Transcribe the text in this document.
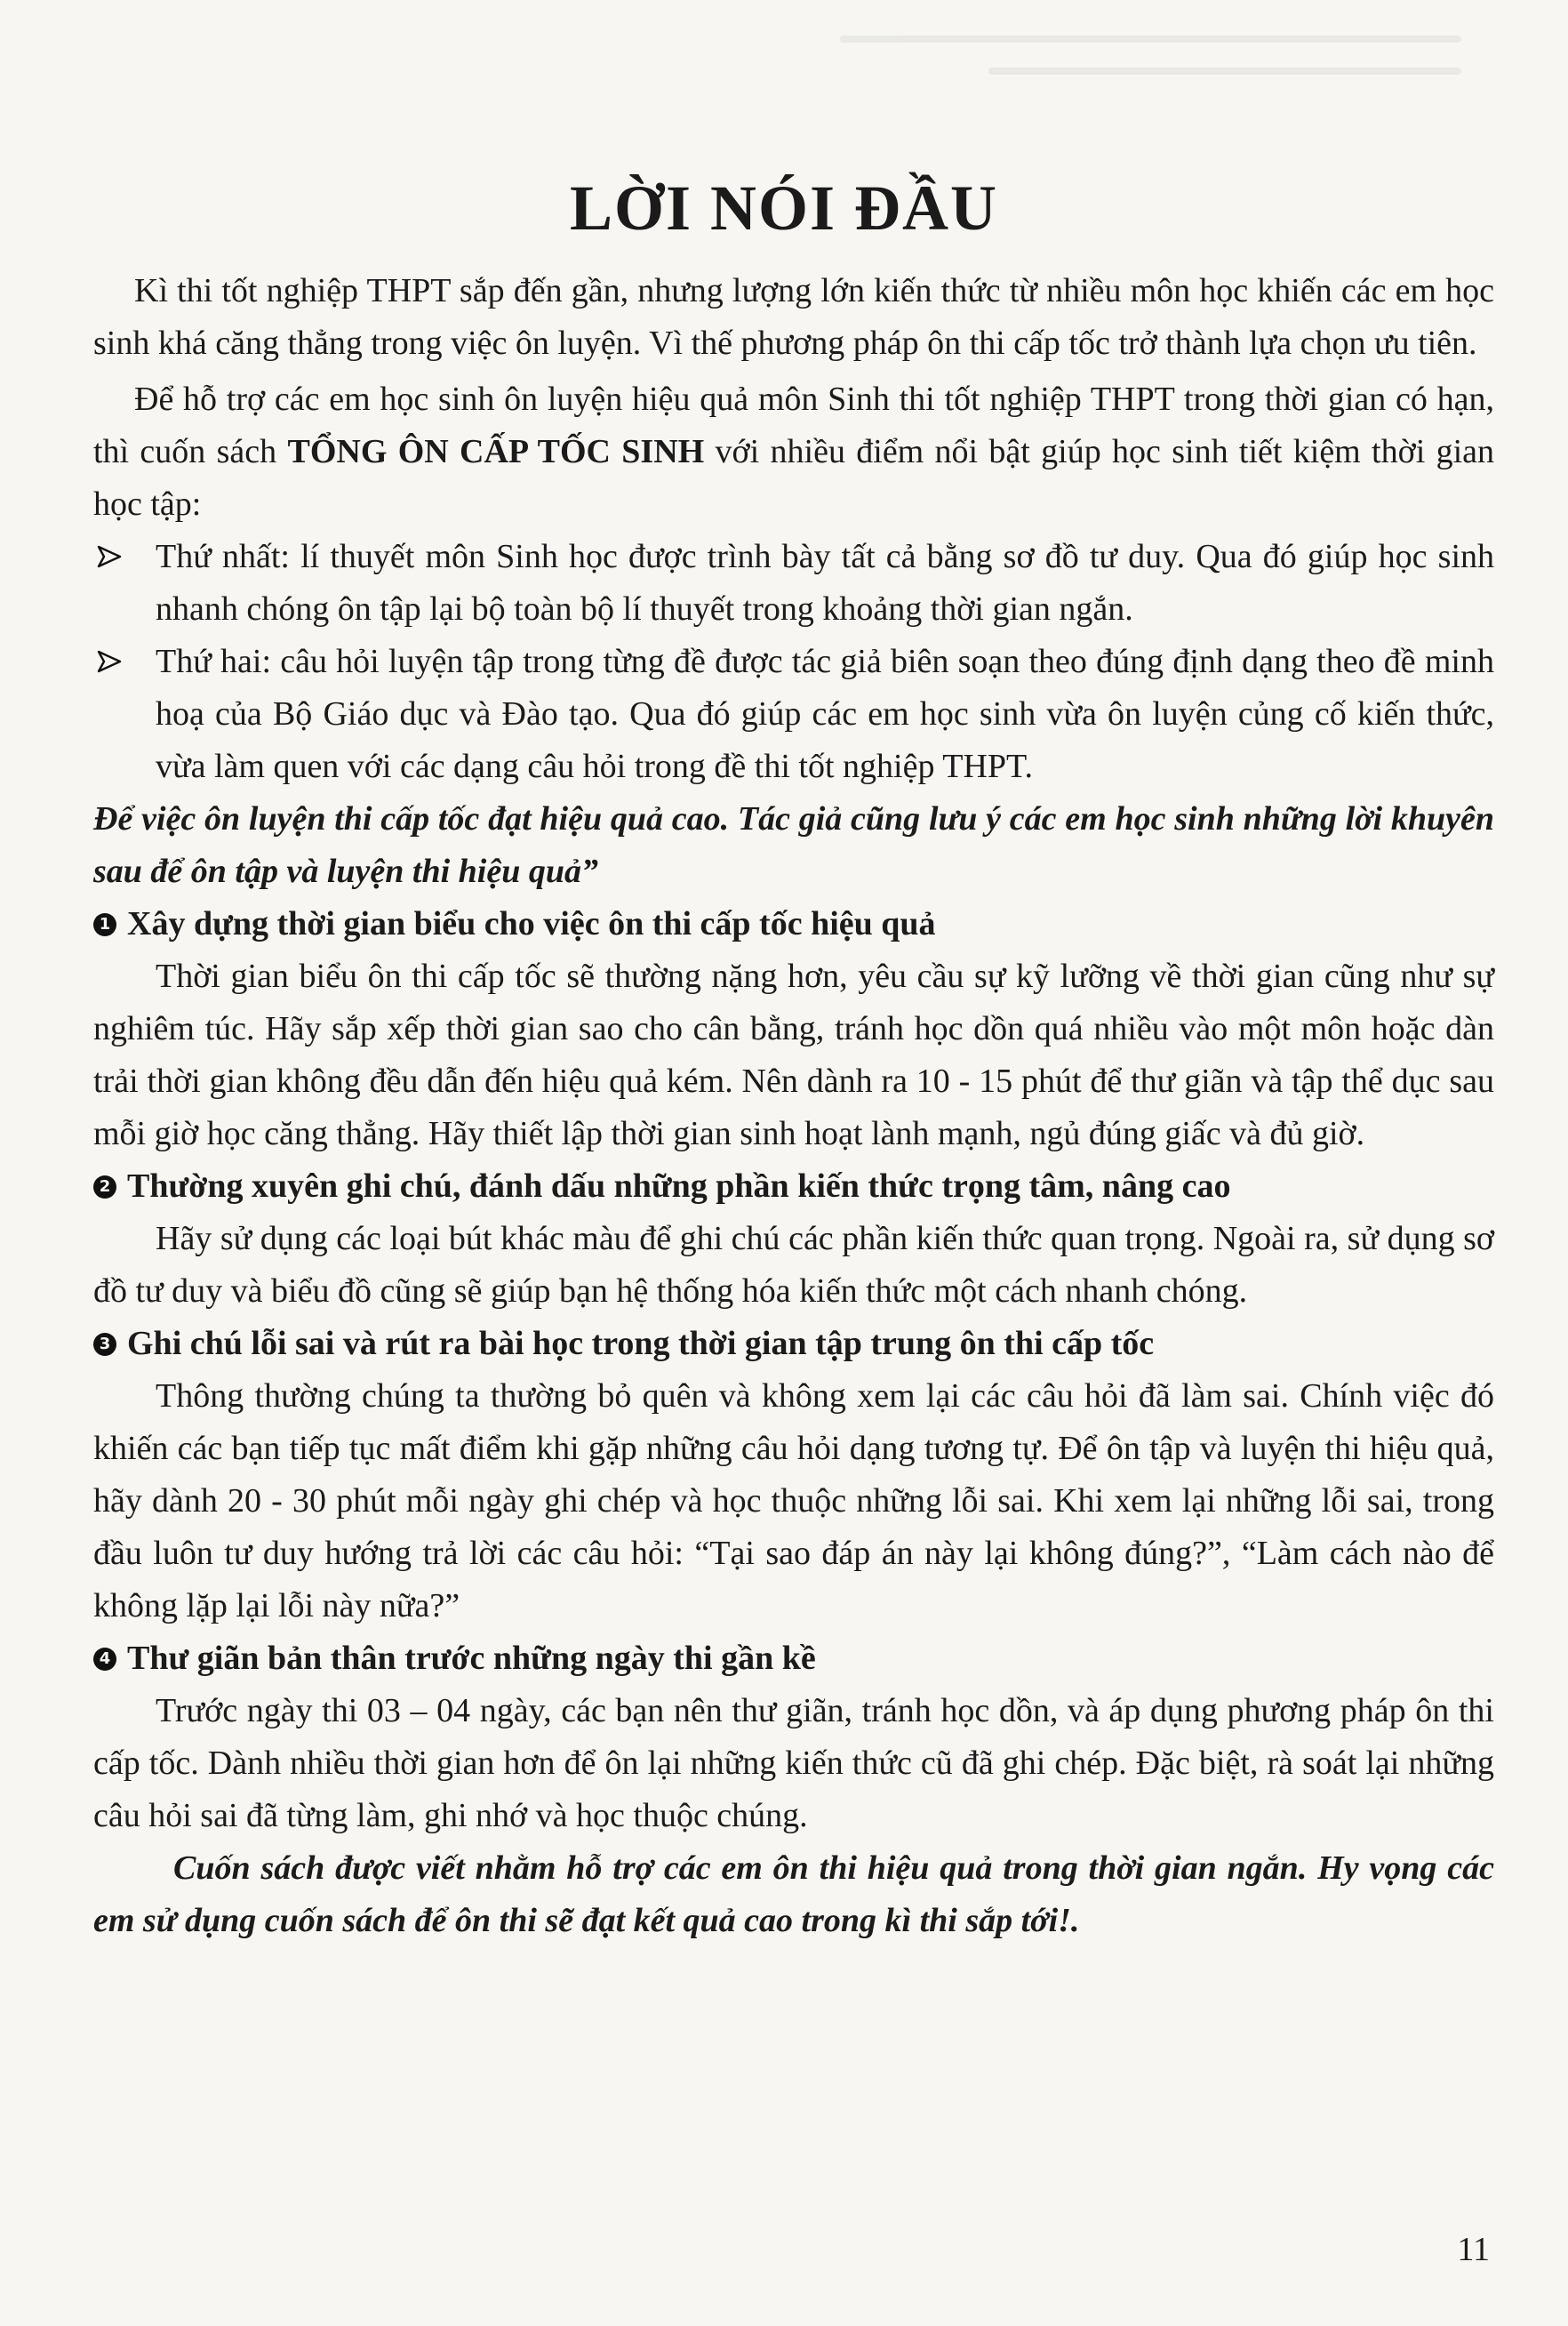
LỜI NÓI ĐẦU

Kì thi tốt nghiệp THPT sắp đến gần, nhưng lượng lớn kiến thức từ nhiều môn học khiến các em học sinh khá căng thẳng trong việc ôn luyện. Vì thế phương pháp ôn thi cấp tốc trở thành lựa chọn ưu tiên.

Để hỗ trợ các em học sinh ôn luyện hiệu quả môn Sinh thi tốt nghiệp THPT trong thời gian có hạn, thì cuốn sách TỔNG ÔN CẤP TỐC SINH với nhiều điểm nổi bật giúp học sinh tiết kiệm thời gian học tập:

Thứ nhất: lí thuyết môn Sinh học được trình bày tất cả bằng sơ đồ tư duy. Qua đó giúp học sinh nhanh chóng ôn tập lại bộ toàn bộ lí thuyết trong khoảng thời gian ngắn.
Thứ hai: câu hỏi luyện tập trong từng đề được tác giả biên soạn theo đúng định dạng theo đề minh hoạ của Bộ Giáo dục và Đào tạo. Qua đó giúp các em học sinh vừa ôn luyện củng cố kiến thức, vừa làm quen với các dạng câu hỏi trong đề thi tốt nghiệp THPT.

Để việc ôn luyện thi cấp tốc đạt hiệu quả cao. Tác giả cũng lưu ý các em học sinh những lời khuyên sau để ôn tập và luyện thi hiệu quả”

1 Xây dựng thời gian biểu cho việc ôn thi cấp tốc hiệu quả

Thời gian biểu ôn thi cấp tốc sẽ thường nặng hơn, yêu cầu sự kỹ lưỡng về thời gian cũng như sự nghiêm túc. Hãy sắp xếp thời gian sao cho cân bằng, tránh học dồn quá nhiều vào một môn hoặc dàn trải thời gian không đều dẫn đến hiệu quả kém. Nên dành ra 10 - 15 phút để thư giãn và tập thể dục sau mỗi giờ học căng thẳng. Hãy thiết lập thời gian sinh hoạt lành mạnh, ngủ đúng giấc và đủ giờ.

2 Thường xuyên ghi chú, đánh dấu những phần kiến thức trọng tâm, nâng cao

Hãy sử dụng các loại bút khác màu để ghi chú các phần kiến thức quan trọng. Ngoài ra, sử dụng sơ đồ tư duy và biểu đồ cũng sẽ giúp bạn hệ thống hóa kiến thức một cách nhanh chóng.

3 Ghi chú lỗi sai và rút ra bài học trong thời gian tập trung ôn thi cấp tốc

Thông thường chúng ta thường bỏ quên và không xem lại các câu hỏi đã làm sai. Chính việc đó khiến các bạn tiếp tục mất điểm khi gặp những câu hỏi dạng tương tự. Để ôn tập và luyện thi hiệu quả, hãy dành 20 - 30 phút mỗi ngày ghi chép và học thuộc những lỗi sai. Khi xem lại những lỗi sai, trong đầu luôn tư duy hướng trả lời các câu hỏi: “Tại sao đáp án này lại không đúng?”, “Làm cách nào để không lặp lại lỗi này nữa?”

4 Thư giãn bản thân trước những ngày thi gần kề

Trước ngày thi 03 – 04 ngày, các bạn nên thư giãn, tránh học dồn, và áp dụng phương pháp ôn thi cấp tốc. Dành nhiều thời gian hơn để ôn lại những kiến thức cũ đã ghi chép. Đặc biệt, rà soát lại những câu hỏi sai đã từng làm, ghi nhớ và học thuộc chúng.

Cuốn sách được viết nhằm hỗ trợ các em ôn thi hiệu quả trong thời gian ngắn. Hy vọng các em sử dụng cuốn sách để ôn thi sẽ đạt kết quả cao trong kì thi sắp tới!.

11
